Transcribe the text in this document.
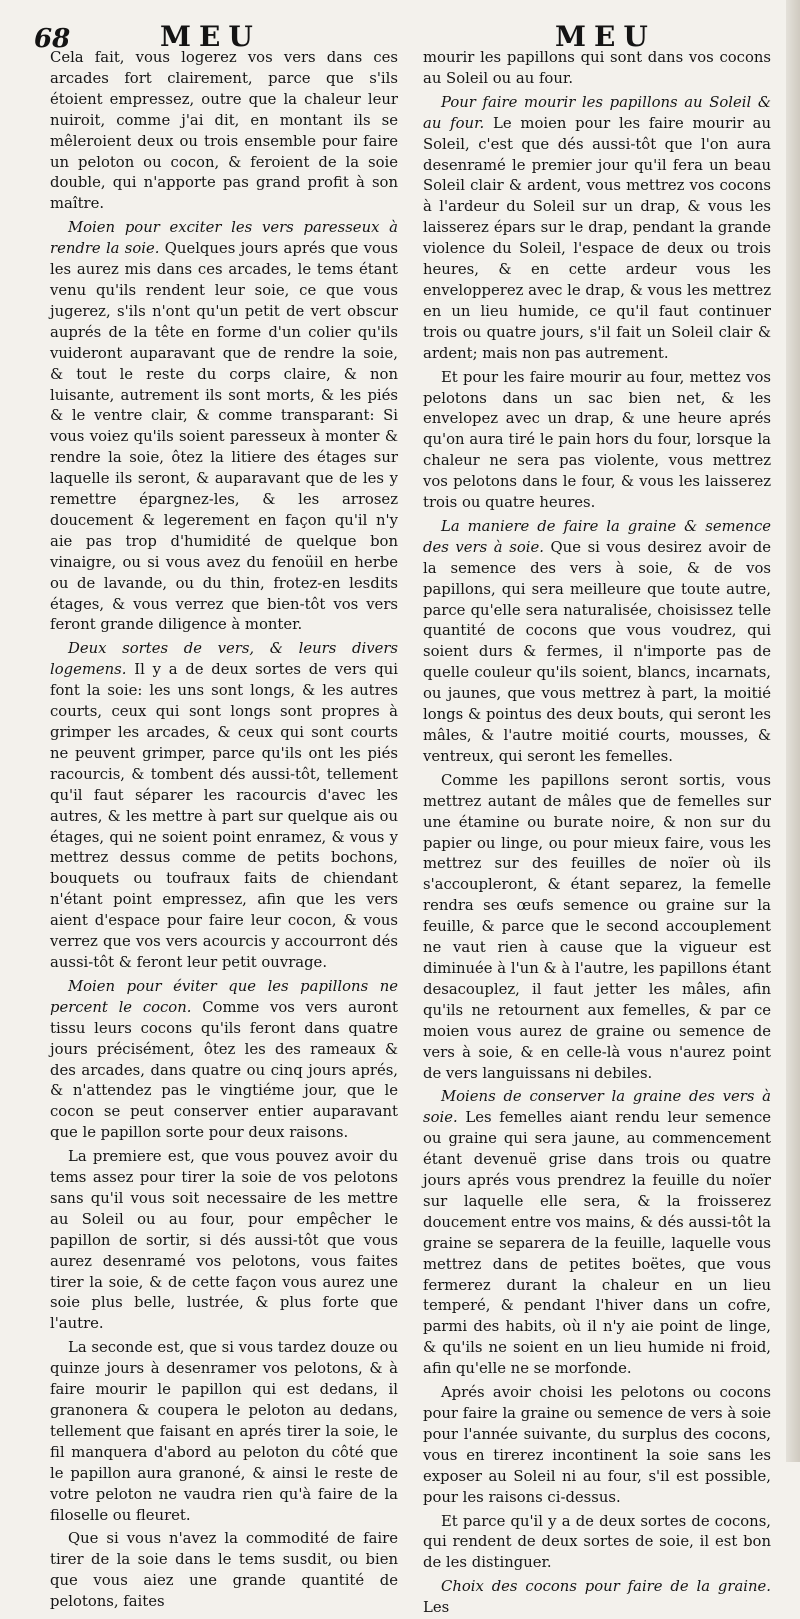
68	MEU	MEU

Cela fait, vous logerez vos vers dans ces arcades fort clairement, parce que s'ils étoient empressez, outre que la chaleur leur nuiroit, comme j'ai dit, en montant ils se mêleroient deux ou trois ensemble pour faire un peloton ou cocon, & feroient de la soie double, qui n'apporte pas grand profit à son maître.

Moien pour exciter les vers paresseux à rendre la soie. Quelques jours aprés que vous les aurez mis dans ces arcades, le tems étant venu qu'ils rendent leur soie, ce que vous jugerez, s'ils n'ont qu'un petit de vert obscur auprés de la tête en forme d'un colier qu'ils vuideront auparavant que de rendre la soie, & tout le reste du corps claire, & non luisante, autrement ils sont morts, & les piés & le ventre clair, & comme transparant: Si vous voiez qu'ils soient paresseux à monter & rendre la soie, ôtez la litiere des étages sur laquelle ils seront, & auparavant que de les y remettre épargnez-les, & les arrosez doucement & legerement en façon qu'il n'y aie pas trop d'humidité de quelque bon vinaigre, ou si vous avez du fenoüil en herbe ou de lavande, ou du thin, frotez-en lesdits étages, & vous verrez que bien-tôt vos vers feront grande diligence à monter.

Deux sortes de vers, & leurs divers logemens. Il y a de deux sortes de vers qui font la soie: les uns sont longs, & les autres courts, ceux qui sont longs sont propres à grimper les arcades, & ceux qui sont courts ne peuvent grimper, parce qu'ils ont les piés racourcis, & tombent dés aussi-tôt, tellement qu'il faut séparer les racourcis d'avec les autres, & les mettre à part sur quelque ais ou étages, qui ne soient point enramez, & vous y mettrez dessus comme de petits bochons, bouquets ou toufraux faits de chiendant n'étant point empressez, afin que les vers aient d'espace pour faire leur cocon, & vous verrez que vos vers acourcis y accourront dés aussi-tôt & feront leur petit ouvrage.

Moien pour éviter que les papillons ne percent le cocon. Comme vos vers auront tissu leurs cocons qu'ils feront dans quatre jours précisément, ôtez les des rameaux & des arcades, dans quatre ou cinq jours aprés, & n'attendez pas le vingtiéme jour, que le cocon se peut conserver entier auparavant que le papillon sorte pour deux raisons.

La premiere est, que vous pouvez avoir du tems assez pour tirer la soie de vos pelotons sans qu'il vous soit necessaire de les mettre au Soleil ou au four, pour empêcher le papillon de sortir, si dés aussi-tôt que vous aurez desenramé vos pelotons, vous faites tirer la soie, & de cette façon vous aurez une soie plus belle, lustrée, & plus forte que l'autre.

La seconde est, que si vous tardez douze ou quinze jours à desenramer vos pelotons, & à faire mourir le papillon qui est dedans, il granonera & coupera le peloton au dedans, tellement que faisant en aprés tirer la soie, le fil manquera d'abord au peloton du côté que le papillon aura granoné, & ainsi le reste de votre peloton ne vaudra rien qu'à faire de la filoselle ou fleuret.

Que si vous n'avez la commodité de faire tirer de la soie dans le tems susdit, ou bien que vous aiez une grande quantité de pelotons, faites

mourir les papillons qui sont dans vos cocons au Soleil ou au four.

Pour faire mourir les papillons au Soleil & au four. Le moien pour les faire mourir au Soleil, c'est que dés aussi-tôt que l'on aura desenramé le premier jour qu'il fera un beau Soleil clair & ardent, vous mettrez vos cocons à l'ardeur du Soleil sur un drap, & vous les laisserez épars sur le drap, pendant la grande violence du Soleil, l'espace de deux ou trois heures, & en cette ardeur vous les envelopperez avec le drap, & vous les mettrez en un lieu humide, ce qu'il faut continuer trois ou quatre jours, s'il fait un Soleil clair & ardent; mais non pas autrement.

Et pour les faire mourir au four, mettez vos pelotons dans un sac bien net, & les envelopez avec un drap, & une heure aprés qu'on aura tiré le pain hors du four, lorsque la chaleur ne sera pas violente, vous mettrez vos pelotons dans le four, & vous les laisserez trois ou quatre heures.

La maniere de faire la graine & semence des vers à soie. Que si vous desirez avoir de la semence des vers à soie, & de vos papillons, qui sera meilleure que toute autre, parce qu'elle sera naturalisée, choisissez telle quantité de cocons que vous voudrez, qui soient durs & fermes, il n'importe pas de quelle couleur qu'ils soient, blancs, incarnats, ou jaunes, que vous mettrez à part, la moitié longs & pointus des deux bouts, qui seront les mâles, & l'autre moitié courts, mousses, & ventreux, qui seront les femelles.

Comme les papillons seront sortis, vous mettrez autant de mâles que de femelles sur une étamine ou burate noire, & non sur du papier ou linge, ou pour mieux faire, vous les mettrez sur des feuilles de noïer où ils s'accoupleront, & étant separez, la femelle rendra ses œufs semence ou graine sur la feuille, & parce que le second accouplement ne vaut rien à cause que la vigueur est diminuée à l'un & à l'autre, les papillons étant desacouplez, il faut jetter les mâles, afin qu'ils ne retournent aux femelles, & par ce moien vous aurez de graine ou semence de vers à soie, & en celle-là vous n'aurez point de vers languissans ni debiles.

Moiens de conserver la graine des vers à soie. Les femelles aiant rendu leur semence ou graine qui sera jaune, au commencement étant devenuë grise dans trois ou quatre jours aprés vous prendrez la feuille du noïer sur laquelle elle sera, & la froisserez doucement entre vos mains, & dés aussi-tôt la graine se separera de la feuille, laquelle vous mettrez dans de petites boëtes, que vous fermerez durant la chaleur en un lieu temperé, & pendant l'hiver dans un cofre, parmi des habits, où il n'y aie point de linge, & qu'ils ne soient en un lieu humide ni froid, afin qu'elle ne se morfonde.

Aprés avoir choisi les pelotons ou cocons pour faire la graine ou semence de vers à soie pour l'année suivante, du surplus des cocons, vous en tirerez incontinent la soie sans les exposer au Soleil ni au four, s'il est possible, pour les raisons ci-dessus.

Et parce qu'il y a de deux sortes de cocons, qui rendent de deux sortes de soie, il est bon de les distinguer.

Choix des cocons pour faire de la graine. Les
